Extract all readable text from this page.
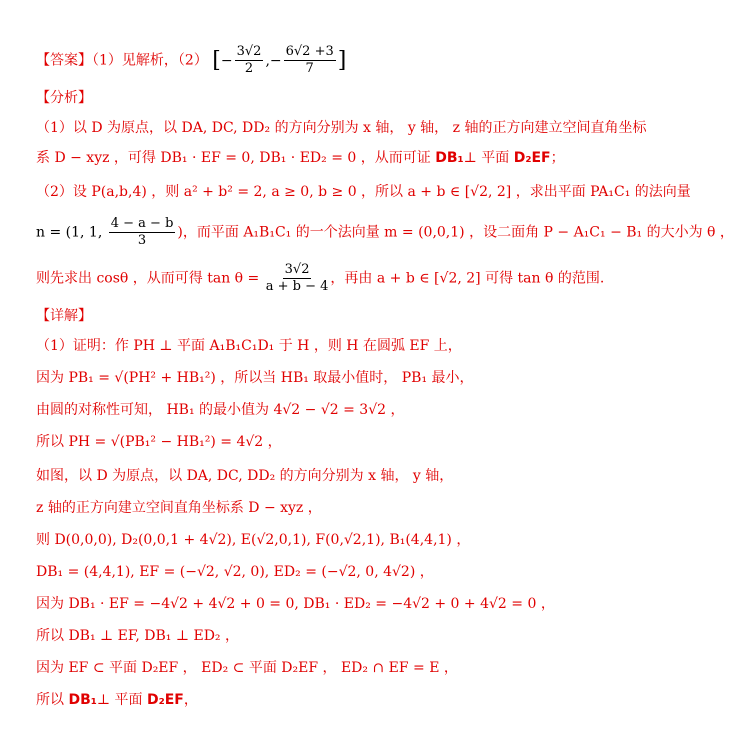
【答案】（1）见解析，（2） [− $\frac{3√2}{2}$ ,− $\frac{6√2 +3}{7}$ ]
【分析】
（1）以 D 为原点，以 DA, DC, DD₂ 的方向分别为 x 轴， y 轴， z 轴的正方向建立空间直角坐标
系 D − xyz ，可得 DB₁ · EF = 0, DB₁ · ED₂ = 0 ，从而可证 DB₁⊥ 平面 D₂EF；
（2）设 P(a,b,4) ，则 a² + b² = 2, a ≥ 0, b ≥ 0 ，所以 a + b ∈ [√2, 2] ，求出平面 PA₁C₁ 的法向量
n = (1, 1, $\frac{4 - a - b}{3}$ )，而平面 A₁B₁C₁ 的一个法向量 m = (0,0,1) ，设二面角 P − A₁C₁ − B₁ 的大小为 θ ，
则先求出 cosθ ，从而可得 $\tan \theta = \frac{3√2}{a + b - 4}$ ，再由 a + b ∈ [√2, 2] 可得 tan θ 的范围.
【详解】
（1）证明：作 PH ⊥ 平面 A₁B₁C₁D₁ 于 H ，则 H 在圆弧 EF 上，
因为 PB₁ = √(PH² + HB₁²) ，所以当 HB₁ 取最小值时， PB₁ 最小，
由圆的对称性可知， HB₁ 的最小值为 4√2 − √2 = 3√2 ，
所以 PH = √(PB₁² − HB₁²) = 4√2 ，
如图，以 D 为原点，以 DA, DC, DD₂ 的方向分别为 x 轴， y 轴，
z 轴的正方向建立空间直角坐标系 D − xyz ，
则 D(0,0,0), D₂(0,0,1 + 4√2), E(√2,0,1), F(0,√2,1), B₁(4,4,1) ，
DB₁ = (4,4,1), EF = (−√2, √2, 0), ED₂ = (−√2, 0, 4√2) ，
因为 DB₁ · EF = −4√2 + 4√2 + 0 = 0, DB₁ · ED₂ = −4√2 + 0 + 4√2 = 0 ，
所以 DB₁ ⊥ EF, DB₁ ⊥ ED₂ ，
因为 EF ⊂ 平面 D₂EF ， ED₂ ⊂ 平面 D₂EF ， ED₂ ∩ EF = E ，
所以 DB₁⊥ 平面 D₂EF，
